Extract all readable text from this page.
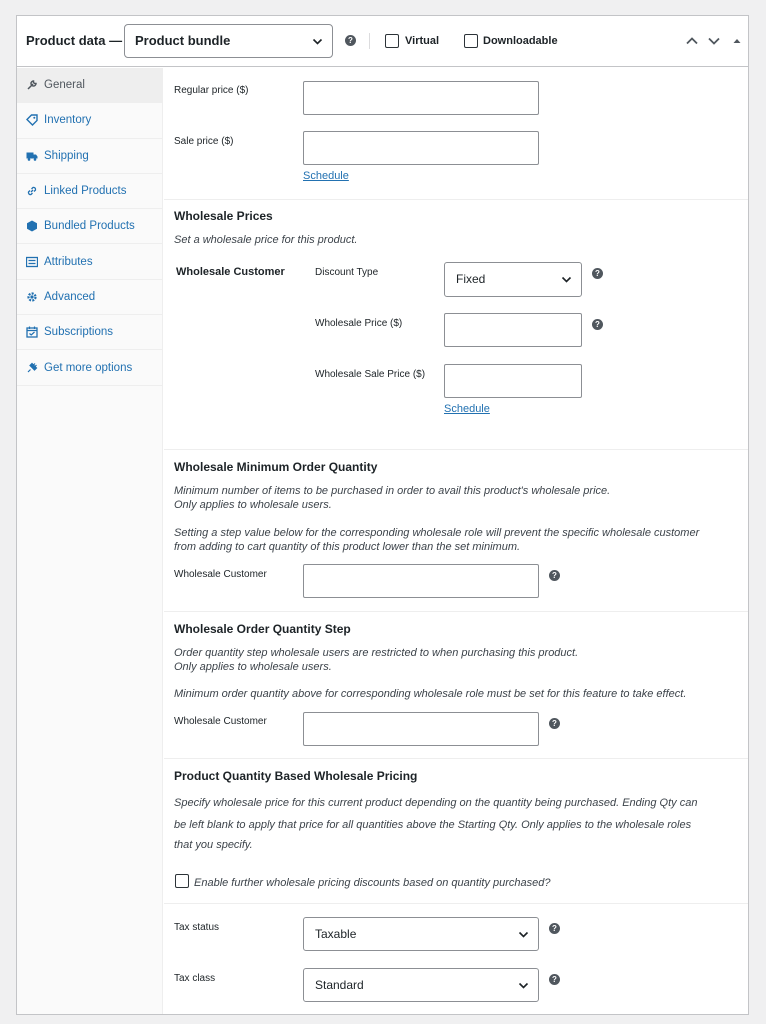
Product data — Product bundle	?	Virtual	Downloadable
General
Inventory
Shipping
Linked Products
Bundled Products
Attributes
Advanced
Subscriptions
Get more options
Regular price ($)
Sale price ($)
Schedule
Wholesale Prices
Set a wholesale price for this product.
Wholesale Customer	Discount Type	Fixed	?
Wholesale Price ($)	?
Wholesale Sale Price ($)
Schedule
Wholesale Minimum Order Quantity
Minimum number of items to be purchased in order to avail this product's wholesale price.
Only applies to wholesale users.
Setting a step value below for the corresponding wholesale role will prevent the specific wholesale customer
from adding to cart quantity of this product lower than the set minimum.
Wholesale Customer	?
Wholesale Order Quantity Step
Order quantity step wholesale users are restricted to when purchasing this product.
Only applies to wholesale users.
Minimum order quantity above for corresponding wholesale role must be set for this feature to take effect.
Wholesale Customer	?
Product Quantity Based Wholesale Pricing
Specify wholesale price for this current product depending on the quantity being purchased. Ending Qty can
be left blank to apply that price for all quantities above the Starting Qty. Only applies to the wholesale roles
that you specify.
Enable further wholesale pricing discounts based on quantity purchased?
Tax status	Taxable	?
Tax class	Standard	?
